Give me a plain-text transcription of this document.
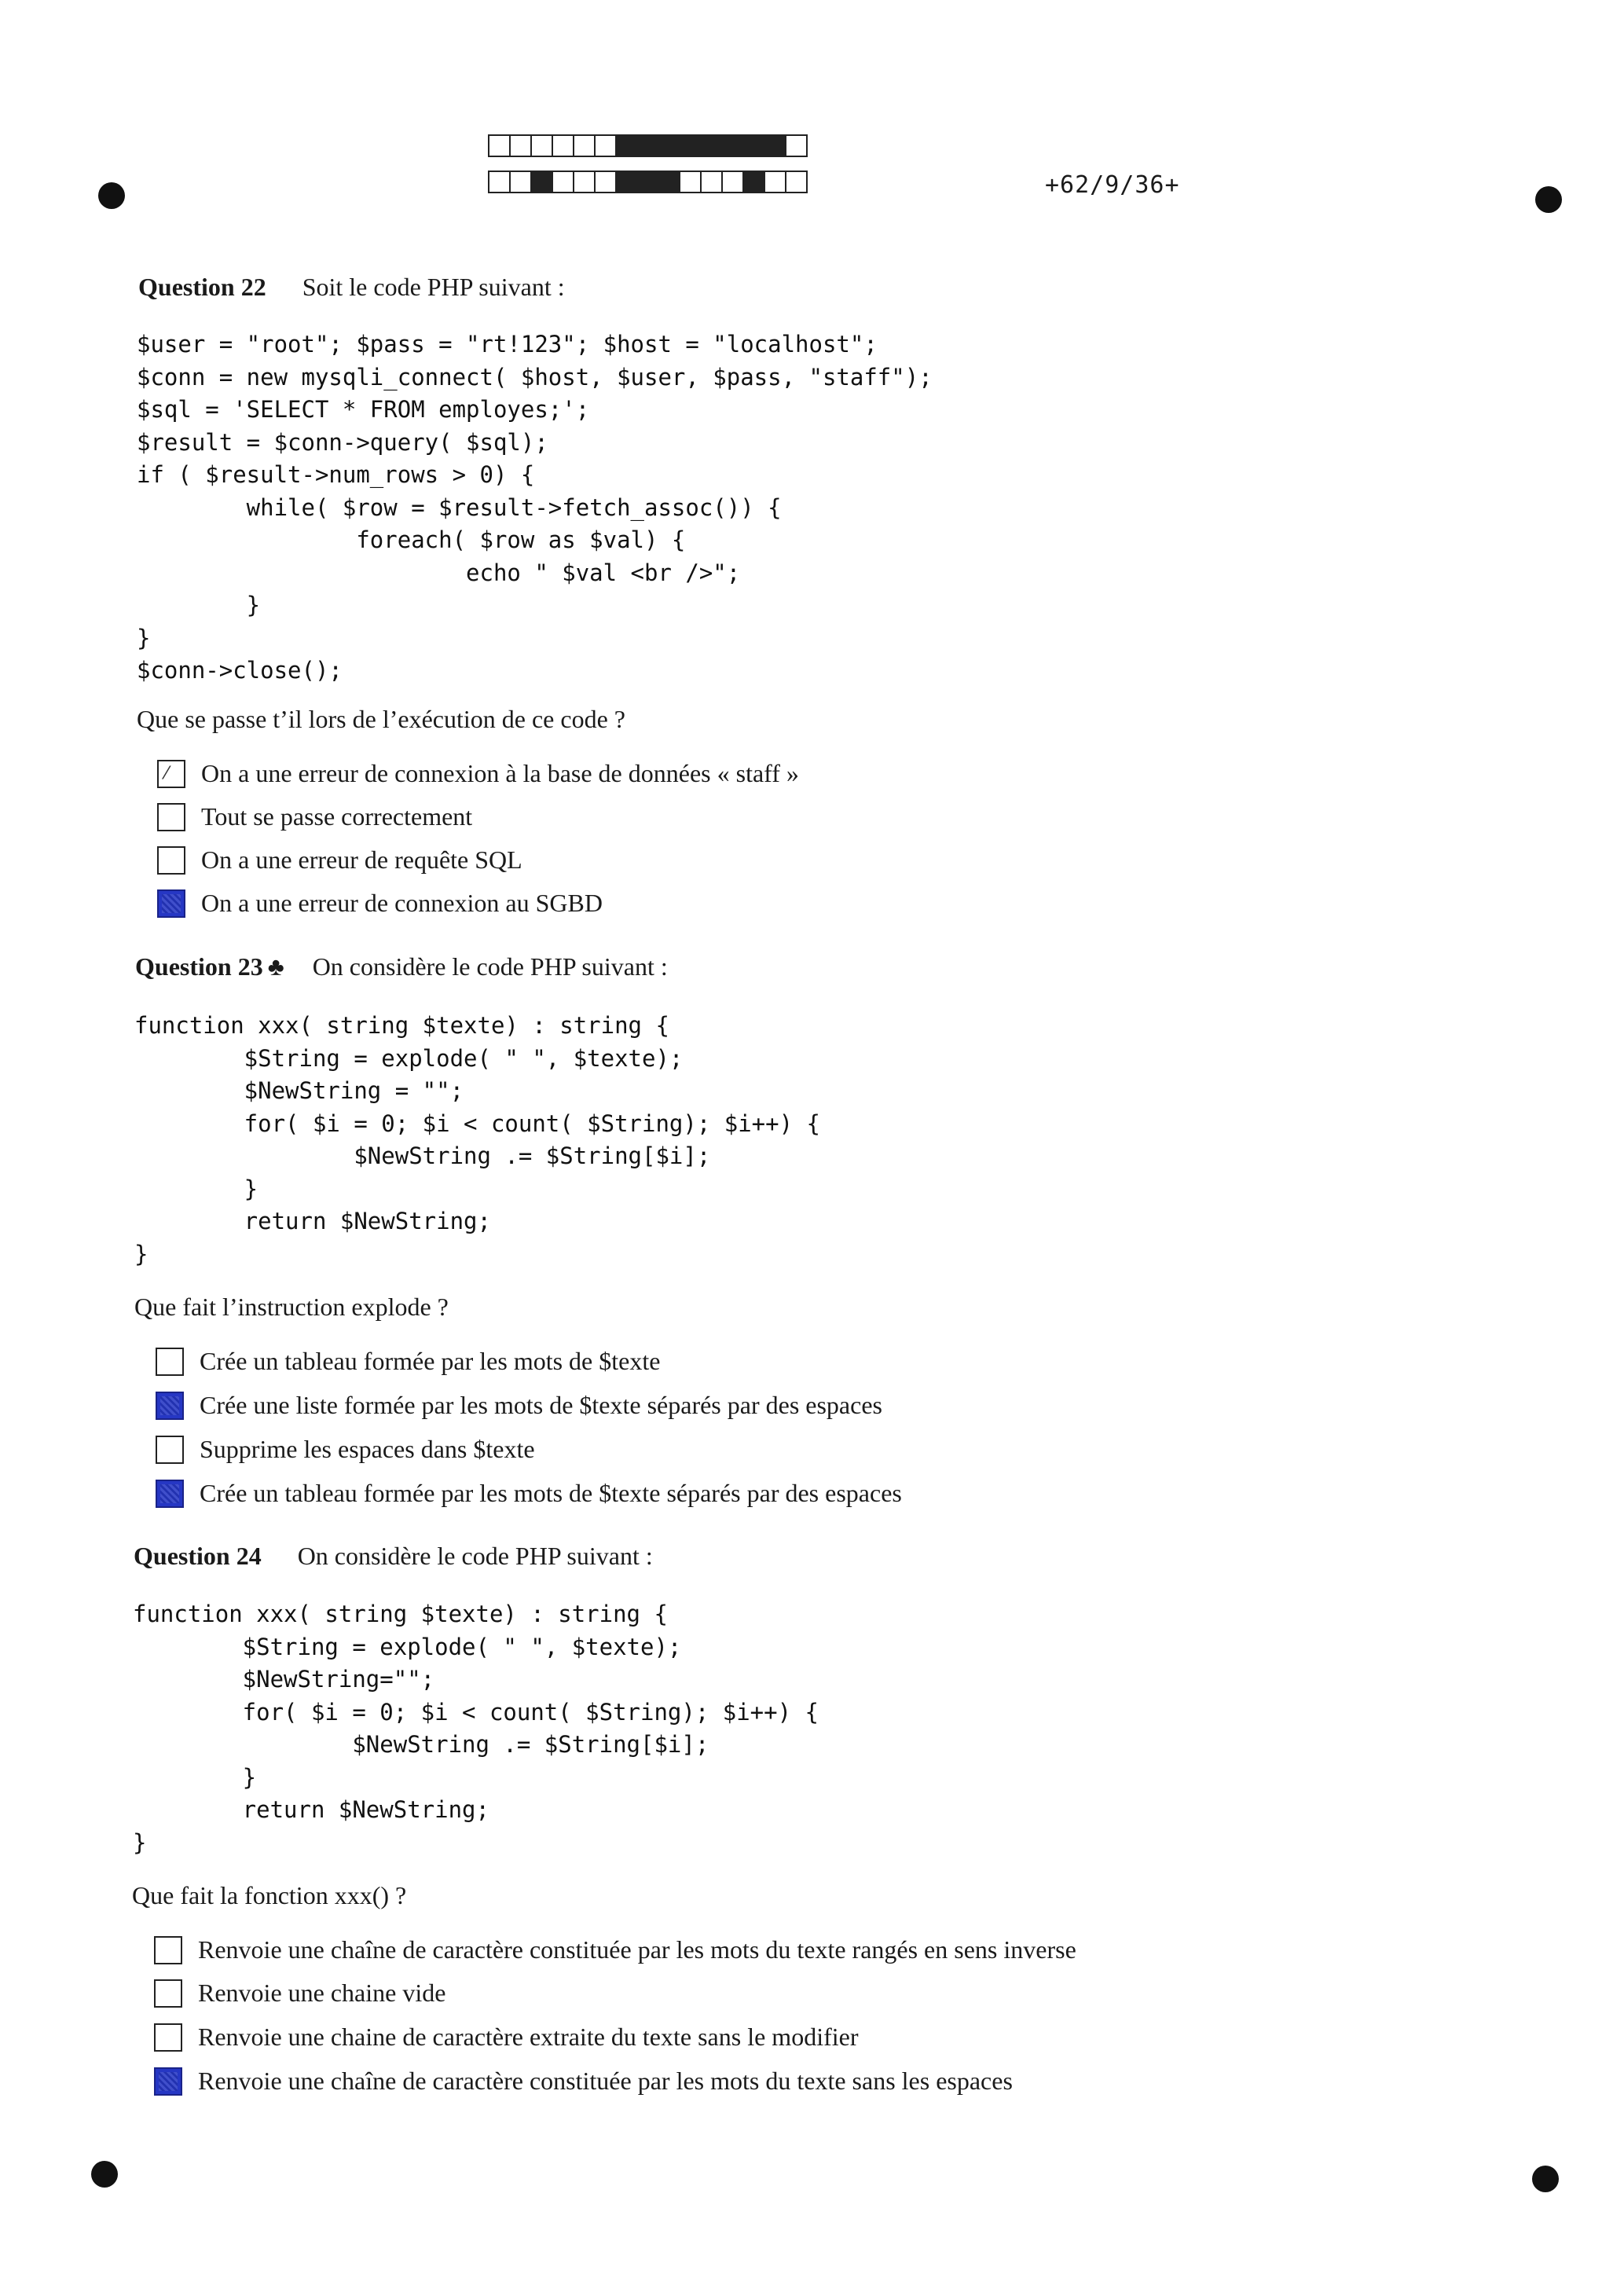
+62/9/36+
Question 22 Soit le code PHP suivant :
$user = "root"; $pass = "rt!123"; $host = "localhost";
$conn = new mysqli_connect( $host, $user, $pass, "staff");
$sql = 'SELECT * FROM employes;';
$result = $conn->query( $sql);
if ( $result->num_rows > 0) {
while( $row = $result->fetch_assoc()) {
foreach( $row as $val) {
echo " $val <br />";
}
}
$conn->close();
Que se passe t’il lors de l’exécution de ce code ?
⁄ On a une erreur de connexion à la base de données « staff »
Tout se passe correctement
On a une erreur de requête SQL
On a une erreur de connexion au SGBD
Question 23 ♣ On considère le code PHP suivant :
function xxx( string $texte) : string {
$String = explode( " ", $texte);
$NewString = "";
for( $i = 0; $i < count( $String); $i++) {
$NewString .= $String[$i];
}
return $NewString;
}
Que fait l’instruction explode ?
Crée un tableau formée par les mots de $texte
Crée une liste formée par les mots de $texte séparés par des espaces
Supprime les espaces dans $texte
Crée un tableau formée par les mots de $texte séparés par des espaces
Question 24 On considère le code PHP suivant :
function xxx( string $texte) : string {
$String = explode( " ", $texte);
$NewString="";
for( $i = 0; $i < count( $String); $i++) {
$NewString .= $String[$i];
}
return $NewString;
}
Que fait la fonction xxx() ?
Renvoie une chaîne de caractère constituée par les mots du texte rangés en sens inverse
Renvoie une chaine vide
Renvoie une chaine de caractère extraite du texte sans le modifier
Renvoie une chaîne de caractère constituée par les mots du texte sans les espaces
